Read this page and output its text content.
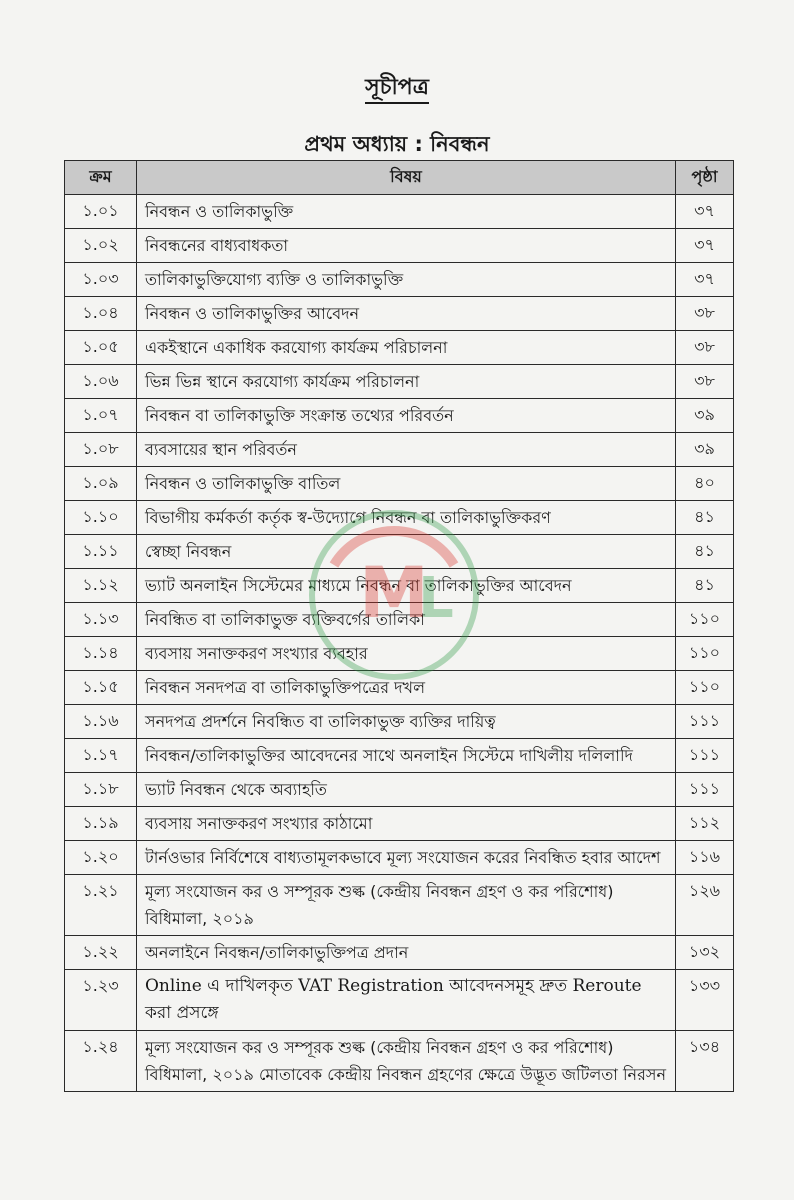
সূচীপত্র
প্রথম অধ্যায় : নিবন্ধন
ক্রম	বিষয়	পৃষ্ঠা
১.০১	নিবন্ধন ও তালিকাভুক্তি	৩৭
১.০২	নিবন্ধনের বাধ্যবাধকতা	৩৭
১.০৩	তালিকাভুক্তিযোগ্য ব্যক্তি ও তালিকাভুক্তি	৩৭
১.০৪	নিবন্ধন ও তালিকাভুক্তির আবেদন	৩৮
১.০৫	একইস্থানে একাধিক করযোগ্য কার্যক্রম পরিচালনা	৩৮
১.০৬	ভিন্ন ভিন্ন স্থানে করযোগ্য কার্যক্রম পরিচালনা	৩৮
১.০৭	নিবন্ধন বা তালিকাভুক্তি সংক্রান্ত তথ্যের পরিবর্তন	৩৯
১.০৮	ব্যবসায়ের স্থান পরিবর্তন	৩৯
১.০৯	নিবন্ধন ও তালিকাভুক্তি বাতিল	৪০
১.১০	বিভাগীয় কর্মকর্তা কর্তৃক স্ব-উদ্যোগে নিবন্ধন বা তালিকাভুক্তিকরণ	৪১
১.১১	স্বেচ্ছা নিবন্ধন	৪১
১.১২	ভ্যাট অনলাইন সিস্টেমের মাধ্যমে নিবন্ধন বা তালিকাভুক্তির আবেদন	৪১
১.১৩	নিবন্ধিত বা তালিকাভুক্ত ব্যক্তিবর্গের তালিকা	১১০
১.১৪	ব্যবসায় সনাক্তকরণ সংখ্যার ব্যবহার	১১০
১.১৫	নিবন্ধন সনদপত্র বা তালিকাভুক্তিপত্রের দখল	১১০
১.১৬	সনদপত্র প্রদর্শনে নিবন্ধিত বা তালিকাভুক্ত ব্যক্তির দায়িত্ব	১১১
১.১৭	নিবন্ধন/তালিকাভুক্তির আবেদনের সাথে অনলাইন সিস্টেমে দাখিলীয় দলিলাদি	১১১
১.১৮	ভ্যাট নিবন্ধন থেকে অব্যাহতি	১১১
১.১৯	ব্যবসায় সনাক্তকরণ সংখ্যার কাঠামো	১১২
১.২০	টার্নওভার নির্বিশেষে বাধ্যতামূলকভাবে মূল্য সংযোজন করের নিবন্ধিত হবার আদেশ	১১৬
১.২১	মূল্য সংযোজন কর ও সম্পূরক শুল্ক (কেন্দ্রীয় নিবন্ধন গ্রহণ ও কর পরিশোধ) বিধিমালা, ২০১৯	১২৬
১.২২	অনলাইনে নিবন্ধন/তালিকাভুক্তিপত্র প্রদান	১৩২
১.২৩	Online এ দাখিলকৃত VAT Registration আবেদনসমূহ দ্রুত Reroute করা প্রসঙ্গে	১৩৩
১.২৪	মূল্য সংযোজন কর ও সম্পূরক শুল্ক (কেন্দ্রীয় নিবন্ধন গ্রহণ ও কর পরিশোধ) বিধিমালা, ২০১৯ মোতাবেক কেন্দ্রীয় নিবন্ধন গ্রহণের ক্ষেত্রে উদ্ভূত জটিলতা নিরসন	১৩৪
M
L
